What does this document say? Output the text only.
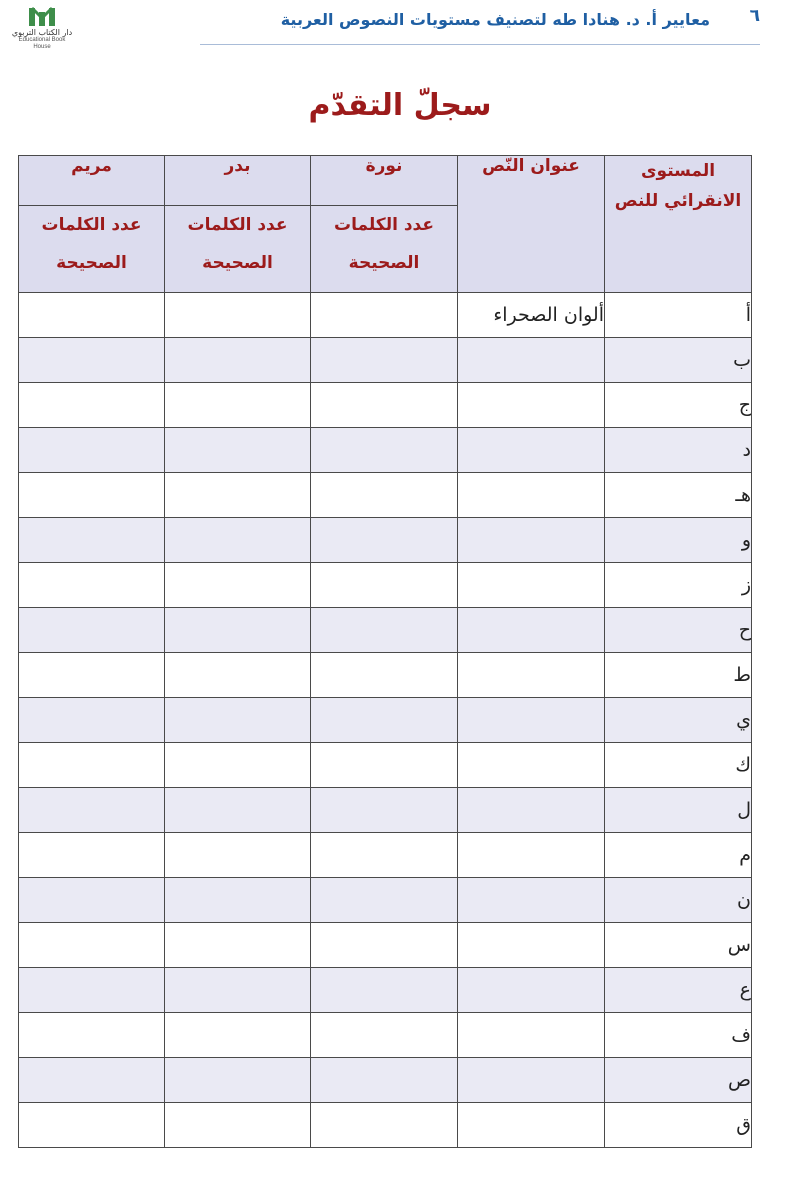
دار الكتاب التربوي
Educational Book House
٦
معايير أ. د. هنادا طه لتصنيف مستويات النصوص العربية
سجلّ التقدّم
المستوى الانقرائي للنص	عنوان النّص	نورة	بدر	مريم
		عدد الكلمات الصحيحة	عدد الكلمات الصحيحة	عدد الكلمات الصحيحة
أ	ألوان الصحراء			
ب				
ج				
د				
هـ				
و				
ز				
ح				
ط				
ي				
ك				
ل				
م				
ن				
س				
ع				
ف				
ص				
ق				
